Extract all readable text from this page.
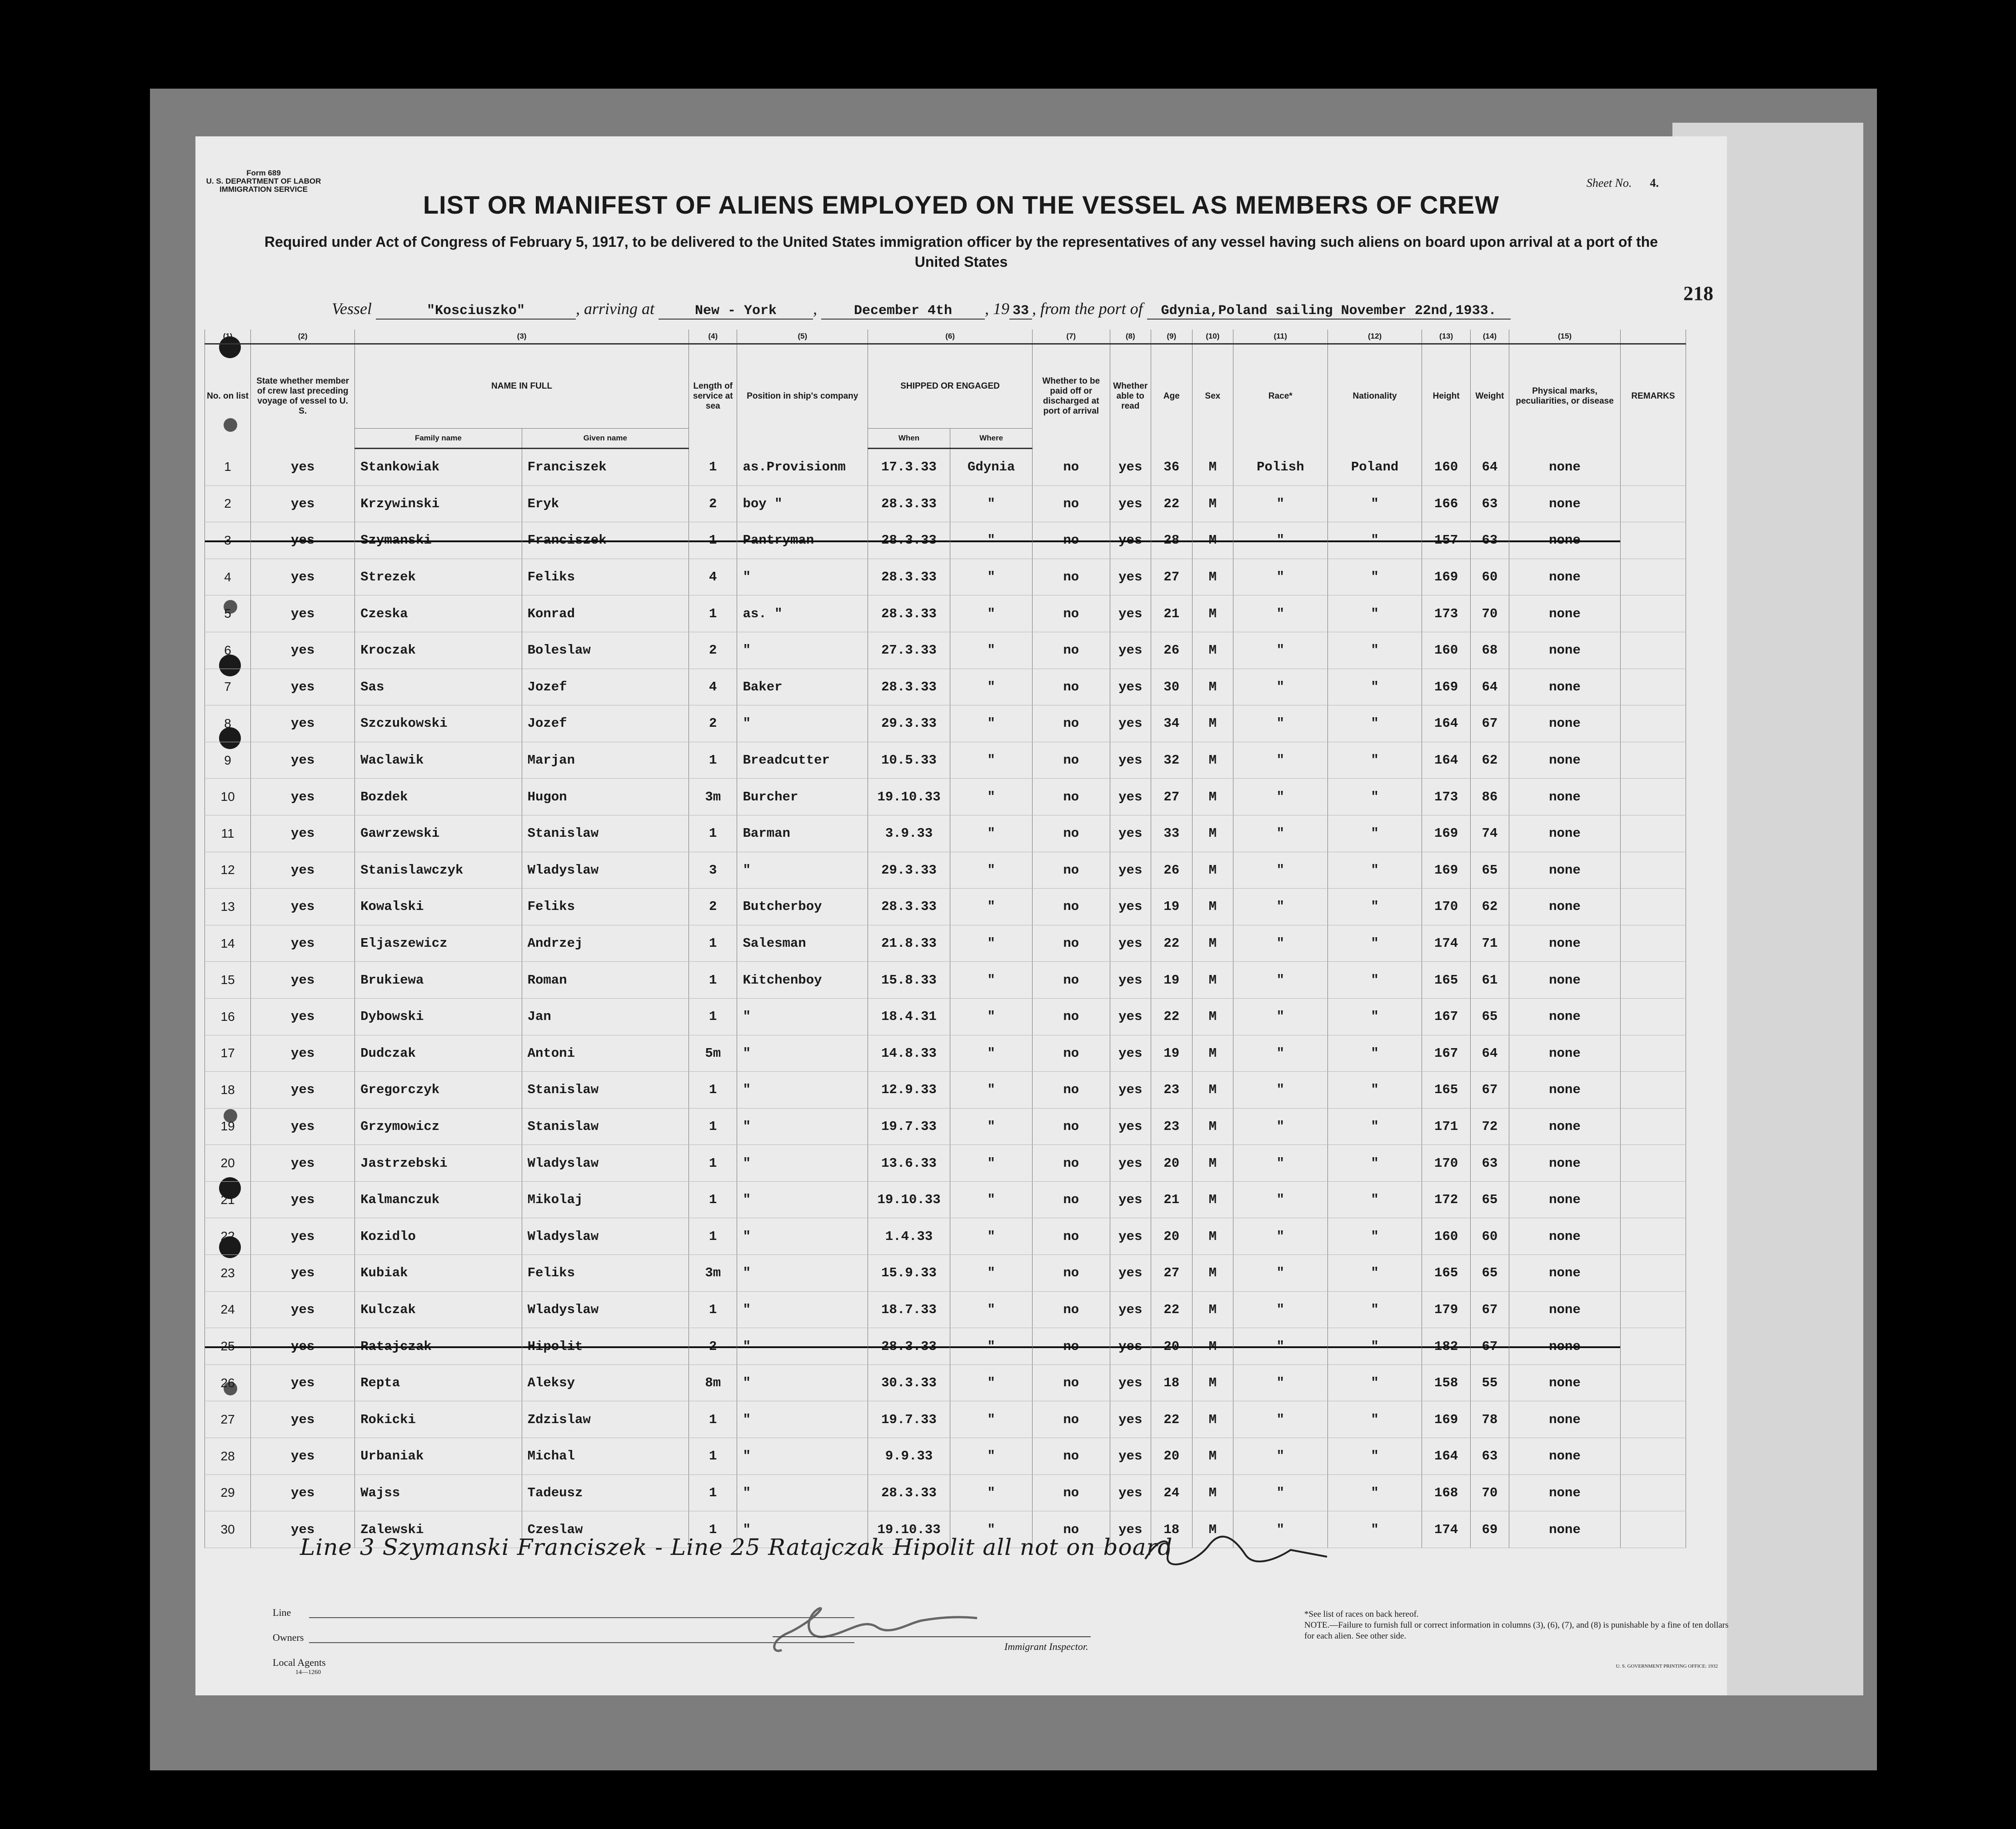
Form 689
U. S. DEPARTMENT OF LABOR
IMMIGRATION SERVICE	Sheet No. 4.
LIST OR MANIFEST OF ALIENS EMPLOYED ON THE VESSEL AS MEMBERS OF CREW
Required under Act of Congress of February 5, 1917, to be delivered to the United States immigration officer by the representatives of any vessel having such aliens on board upon arrival at a port of the United States
218
Vessel	"Kosciuszko"	, arriving at	New - York ,	December 4th , 19 33 , from the port of Gdynia,Poland sailing November 22nd,1933.
(1)	(2)	(3)		(4)	(5)	(6)		(7)	(8)	(9)	(10)	(11)	(12)	(13)	(14)	(15)	
No. on list	State whether member of crew last preceding voyage of vessel to U. S.	NAME IN FULL		Length of service at sea	Position in ship's company	SHIPPED OR ENGAGED		Whether to be paid off or discharged at port of arrival	Whether able to read	Age	Sex	Race*	Nationality	Height	Weight	Physical marks, peculiarities, or disease	REMARKS
		Family name	Given name			When	Where										
1	yes	Stankowiak	Franciszek	1	as.Provisionm	17.3.33	Gdynia	no	yes	36	M	Polish	Poland	160	64	none	
2	yes	Krzywinski	Eryk	2	boy "	28.3.33	"	no	yes	22	M	"	"	166	63	none	
3	yes	Szymanski	Franciszek	1	Pantryman	28.3.33	"	no	yes	28	M	"	"	157	63	none	
4	yes	Strezek	Feliks	4	"	28.3.33	"	no	yes	27	M	"	"	169	60	none	
5	yes	Czeska	Konrad	1	as. "	28.3.33	"	no	yes	21	M	"	"	173	70	none	
6	yes	Kroczak	Boleslaw	2	"	27.3.33	"	no	yes	26	M	"	"	160	68	none	
7	yes	Sas	Jozef	4	Baker	28.3.33	"	no	yes	30	M	"	"	169	64	none	
8	yes	Szczukowski	Jozef	2	"	29.3.33	"	no	yes	34	M	"	"	164	67	none	
9	yes	Waclawik	Marjan	1	Breadcutter	10.5.33	"	no	yes	32	M	"	"	164	62	none	
10	yes	Bozdek	Hugon	3m	Burcher	19.10.33	"	no	yes	27	M	"	"	173	86	none	
11	yes	Gawrzewski	Stanislaw	1	Barman	3.9.33	"	no	yes	33	M	"	"	169	74	none	
12	yes	Stanislawczyk	Wladyslaw	3	"	29.3.33	"	no	yes	26	M	"	"	169	65	none	
13	yes	Kowalski	Feliks	2	Butcherboy	28.3.33	"	no	yes	19	M	"	"	170	62	none	
14	yes	Eljaszewicz	Andrzej	1	Salesman	21.8.33	"	no	yes	22	M	"	"	174	71	none	
15	yes	Brukiewa	Roman	1	Kitchenboy	15.8.33	"	no	yes	19	M	"	"	165	61	none	
16	yes	Dybowski	Jan	1	"	18.4.31	"	no	yes	22	M	"	"	167	65	none	
17	yes	Dudczak	Antoni	5m	"	14.8.33	"	no	yes	19	M	"	"	167	64	none	
18	yes	Gregorczyk	Stanislaw	1	"	12.9.33	"	no	yes	23	M	"	"	165	67	none	
19	yes	Grzymowicz	Stanislaw	1	"	19.7.33	"	no	yes	23	M	"	"	171	72	none	
20	yes	Jastrzebski	Wladyslaw	1	"	13.6.33	"	no	yes	20	M	"	"	170	63	none	
21	yes	Kalmanczuk	Mikolaj	1	"	19.10.33	"	no	yes	21	M	"	"	172	65	none	
22	yes	Kozidlo	Wladyslaw	1	"	1.4.33	"	no	yes	20	M	"	"	160	60	none	
23	yes	Kubiak	Feliks	3m	"	15.9.33	"	no	yes	27	M	"	"	165	65	none	
24	yes	Kulczak	Wladyslaw	1	"	18.7.33	"	no	yes	22	M	"	"	179	67	none	
25	yes	Ratajczak	Hipolit	2	"	28.3.33	"	no	yes	20	M	"	"	182	67	none	
26	yes	Repta	Aleksy	8m	"	30.3.33	"	no	yes	18	M	"	"	158	55	none	
27	yes	Rokicki	Zdzislaw	1	"	19.7.33	"	no	yes	22	M	"	"	169	78	none	
28	yes	Urbaniak	Michal	1	"	9.9.33	"	no	yes	20	M	"	"	164	63	none	
29	yes	Wajss	Tadeusz	1	"	28.3.33	"	no	yes	24	M	"	"	168	70	none	
30	yes	Zalewski	Czeslaw	1	"	19.10.33	"	no	yes	18	M	"	"	174	69	none	
Line 3 Szymanski Franciszek - Line 25 Ratajczak Hipolit all not on board
Line
Owners
Local Agents
14—1260
Immigrant Inspector.
*See list of races on back hereof.
NOTE.—Failure to furnish full or correct information in columns (3), (6), (7), and (8) is punishable by a fine of ten dollars for each alien. See other side.
U. S. GOVERNMENT PRINTING OFFICE: 1932
